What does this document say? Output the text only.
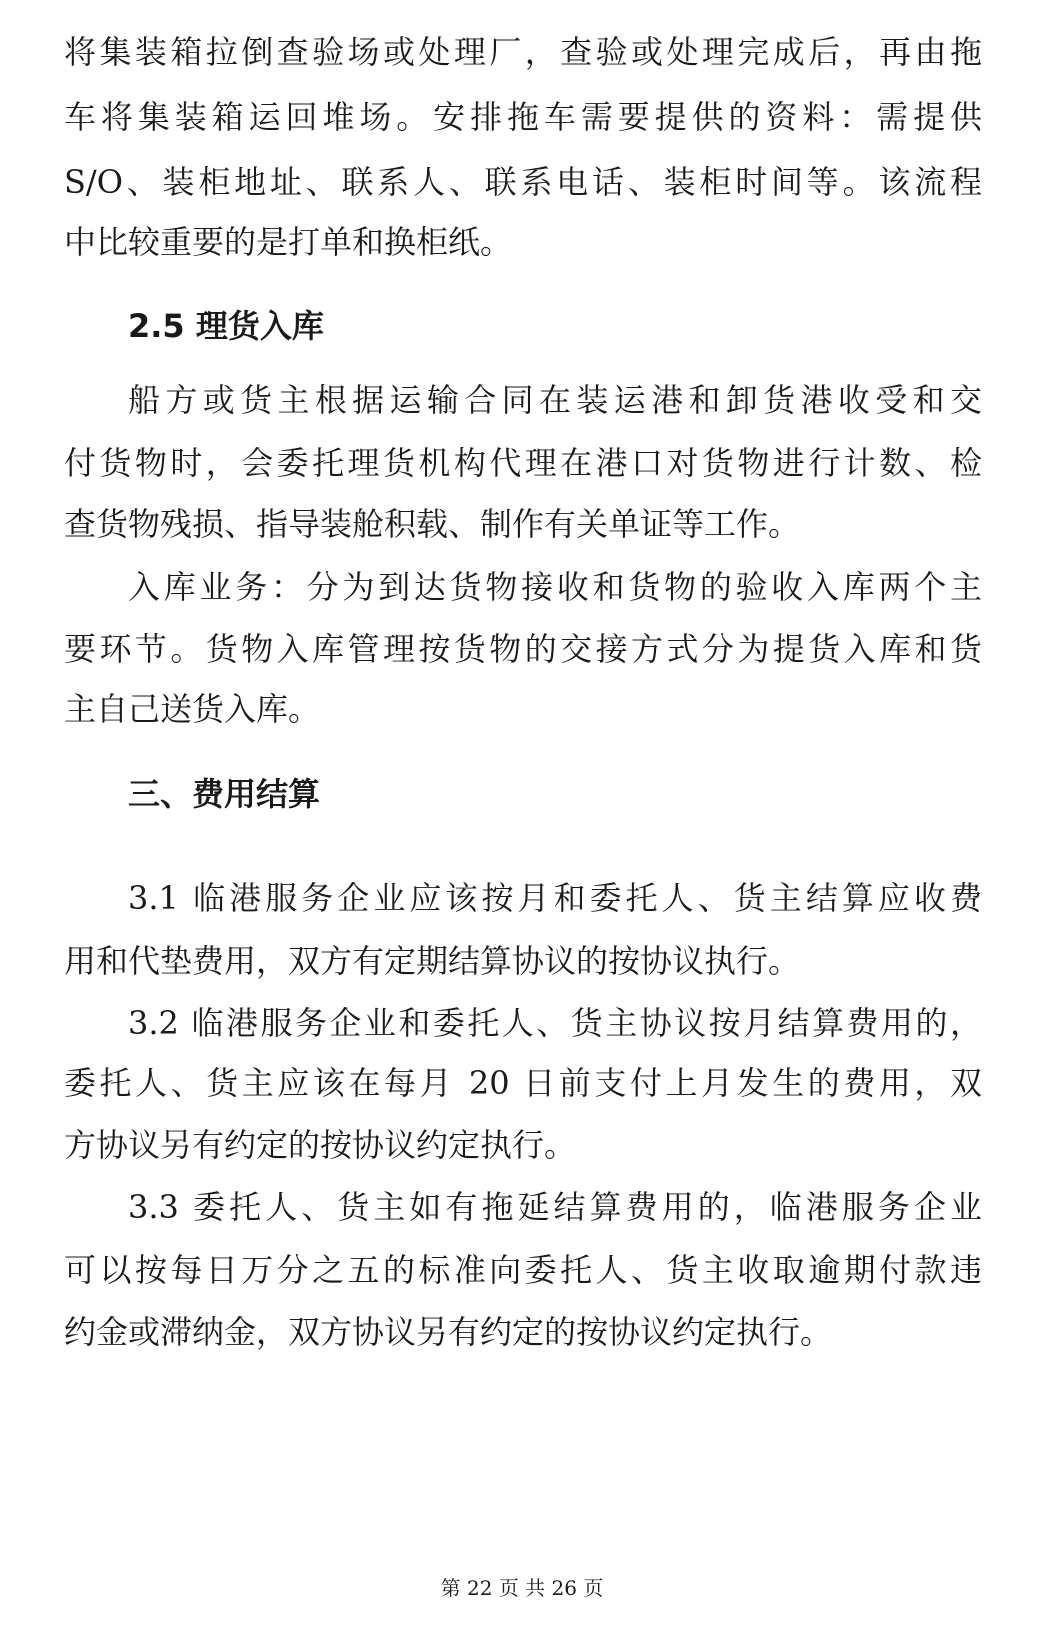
将集装箱拉倒查验场或处理厂，查验或处理完成后，再由拖

车将集装箱运回堆场。安排拖车需要提供的资料：需提供

S/O、装柜地址、联系人、联系电话、装柜时间等。该流程

中比较重要的是打单和换柜纸。

2.5 理货入库

船方或货主根据运输合同在装运港和卸货港收受和交

付货物时，会委托理货机构代理在港口对货物进行计数、检

查货物残损、指导装舱积载、制作有关单证等工作。

入库业务：分为到达货物接收和货物的验收入库两个主

要环节。货物入库管理按货物的交接方式分为提货入库和货

主自己送货入库。

三、费用结算

3.1 临港服务企业应该按月和委托人、货主结算应收费

用和代垫费用，双方有定期结算协议的按协议执行。

3.2 临港服务企业和委托人、货主协议按月结算费用的，

委托人、货主应该在每月 20 日前支付上月发生的费用，双

方协议另有约定的按协议约定执行。

3.3 委托人、货主如有拖延结算费用的，临港服务企业

可以按每日万分之五的标准向委托人、货主收取逾期付款违

约金或滞纳金，双方协议另有约定的按协议约定执行。

第 22 页 共 26 页
